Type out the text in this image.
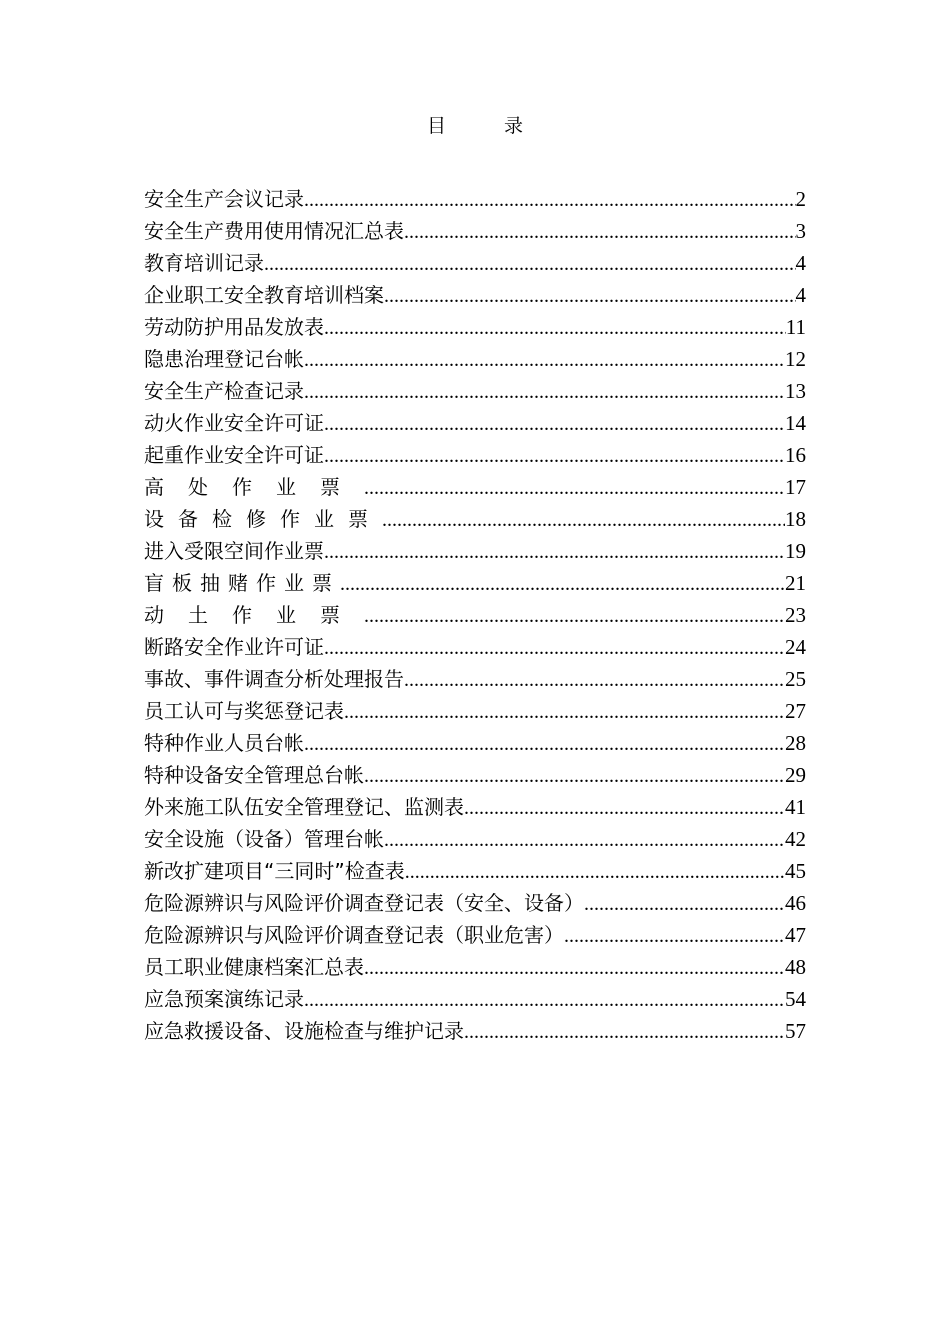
目 录
安全生产会议记录 .....	2
安全生产费用使用情况汇总表 .....	3
教育培训记录 .....	4
企业职工安全教育培训档案 .....	4
劳动防护用品发放表 .....	11
隐患治理登记台帐 .....	12
安全生产检查记录 .....	13
动火作业安全许可证 .....	14
起重作业安全许可证 .....	16
高处作业票 .....	17
设备检修作业票 .....	18
进入受限空间作业票 .....	19
盲板抽赌作业票 .....	21
动土作业票 .....	23
断路安全作业许可证 .....	24
事故、事件调查分析处理报告 .....	25
员工认可与奖惩登记表 .....	27
特种作业人员台帐 .....	28
特种设备安全管理总台帐 .....	29
外来施工队伍安全管理登记、监测表 .....	41
安全设施（设备）管理台帐 .....	42
新改扩建项目“三同时”检查表 .....	45
危险源辨识与风险评价调查登记表（安全、设备） .....	46
危险源辨识与风险评价调查登记表（职业危害） .....	47
员工职业健康档案汇总表 .....	48
应急预案演练记录 .....	54
应急救援设备、设施检查与维护记录 .....	57
